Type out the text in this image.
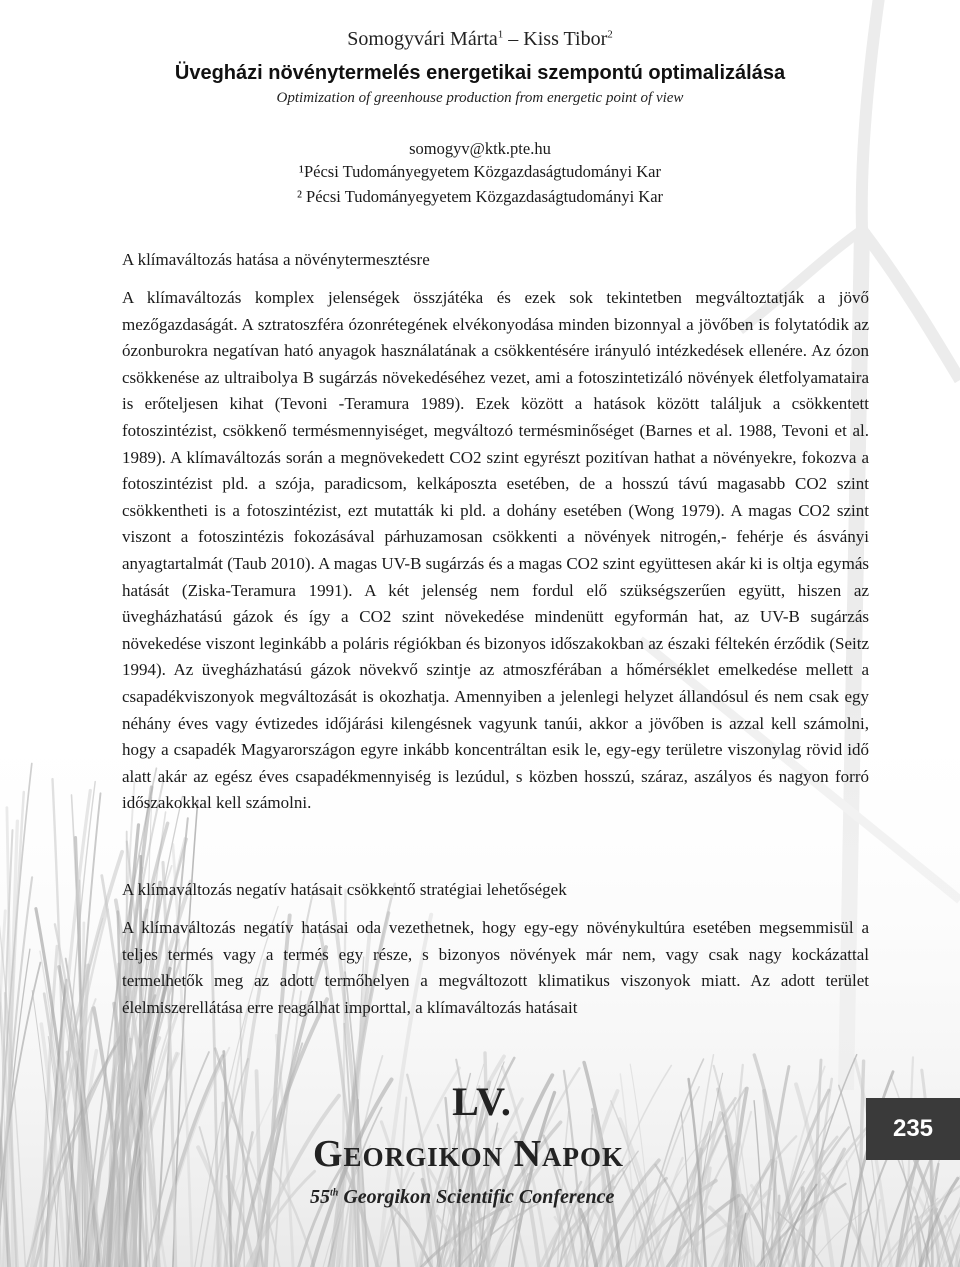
Somogyvári Márta$^1$ – Kiss Tibor$^2$
Üvegházi növénytermelés energetikai szempontú optimalizálása
Optimization of greenhouse production from energetic point of view
somogyv@ktk.pte.hu
¹Pécsi Tudományegyetem Közgazdaságtudományi Kar
² Pécsi Tudományegyetem Közgazdaságtudományi Kar
A klímaváltozás hatása a növénytermesztésre
A klímaváltozás komplex jelenségek összjátéka és ezek sok tekintetben megváltoztatják a jövő mezőgazdaságát. A sztratoszféra ózonrétegének elvékonyodása minden bizonnyal a jövőben is folytatódik az ózonburokra negatívan ható anyagok használatának a csökkentésére irányuló intézkedések ellenére. Az ózon csökkenése az ultraibolya B sugárzás növekedéséhez vezet, ami a fotoszintetizáló növények életfolyamataira is erőteljesen kihat (Tevoni -Teramura 1989). Ezek között a hatások között találjuk a csökkentett fotoszintézist, csökkenő termésmennyiséget, megváltozó termésminőséget (Barnes et al. 1988, Tevoni et al. 1989). A klímaváltozás során a megnövekedett CO2 szint egyrészt pozitívan hathat a növényekre, fokozva a fotoszintézist pld. a szója, paradicsom, kelkáposzta esetében, de a hosszú távú magasabb CO2 szint csökkentheti is a fotoszintézist, ezt mutatták ki pld. a dohány esetében (Wong 1979). A magas CO2 szint viszont a fotoszintézis fokozásával párhuzamosan csökkenti a növények nitrogén,- fehérje és ásványi anyagtartalmát (Taub 2010). A magas UV-B sugárzás és a magas CO2 szint együttesen akár ki is oltja egymás hatását (Ziska-Teramura 1991). A két jelenség nem fordul elő szükségszerűen együtt, hiszen az üvegházhatású gázok és így a CO2 szint növekedése mindenütt egyformán hat, az UV-B sugárzás növekedése viszont leginkább a poláris régiókban és bizonyos időszakokban az északi féltekén érződik (Seitz 1994). Az üvegházhatású gázok növekvő szintje az atmoszférában a hőmérséklet emelkedése mellett a csapadékviszonyok megváltozását is okozhatja. Amennyiben a jelenlegi helyzet állandósul és nem csak egy néhány éves vagy évtizedes időjárási kilengésnek vagyunk tanúi, akkor a jövőben is azzal kell számolni, hogy a csapadék Magyarországon egyre inkább koncentráltan esik le, egy-egy területre viszonylag rövid idő alatt akár az egész éves csapadékmennyiség is lezúdul, s közben hosszú, száraz, aszályos és nagyon forró időszakokkal kell számolni.
A klímaváltozás negatív hatásait csökkentő stratégiai lehetőségek
A klímaváltozás negatív hatásai oda vezethetnek, hogy egy-egy növénykultúra esetében megsemmisül a teljes termés vagy a termés egy része, s bizonyos növények már nem, vagy csak nagy kockázattal termelhetők meg az adott termőhelyen a megváltozott klimatikus viszonyok miatt. Az adott terület élelmiszerellátása erre reagálhat importtal, a klímaváltozás hatásait
LV.
Georgikon Napok
55th Georgikon Scientific Conference
235
